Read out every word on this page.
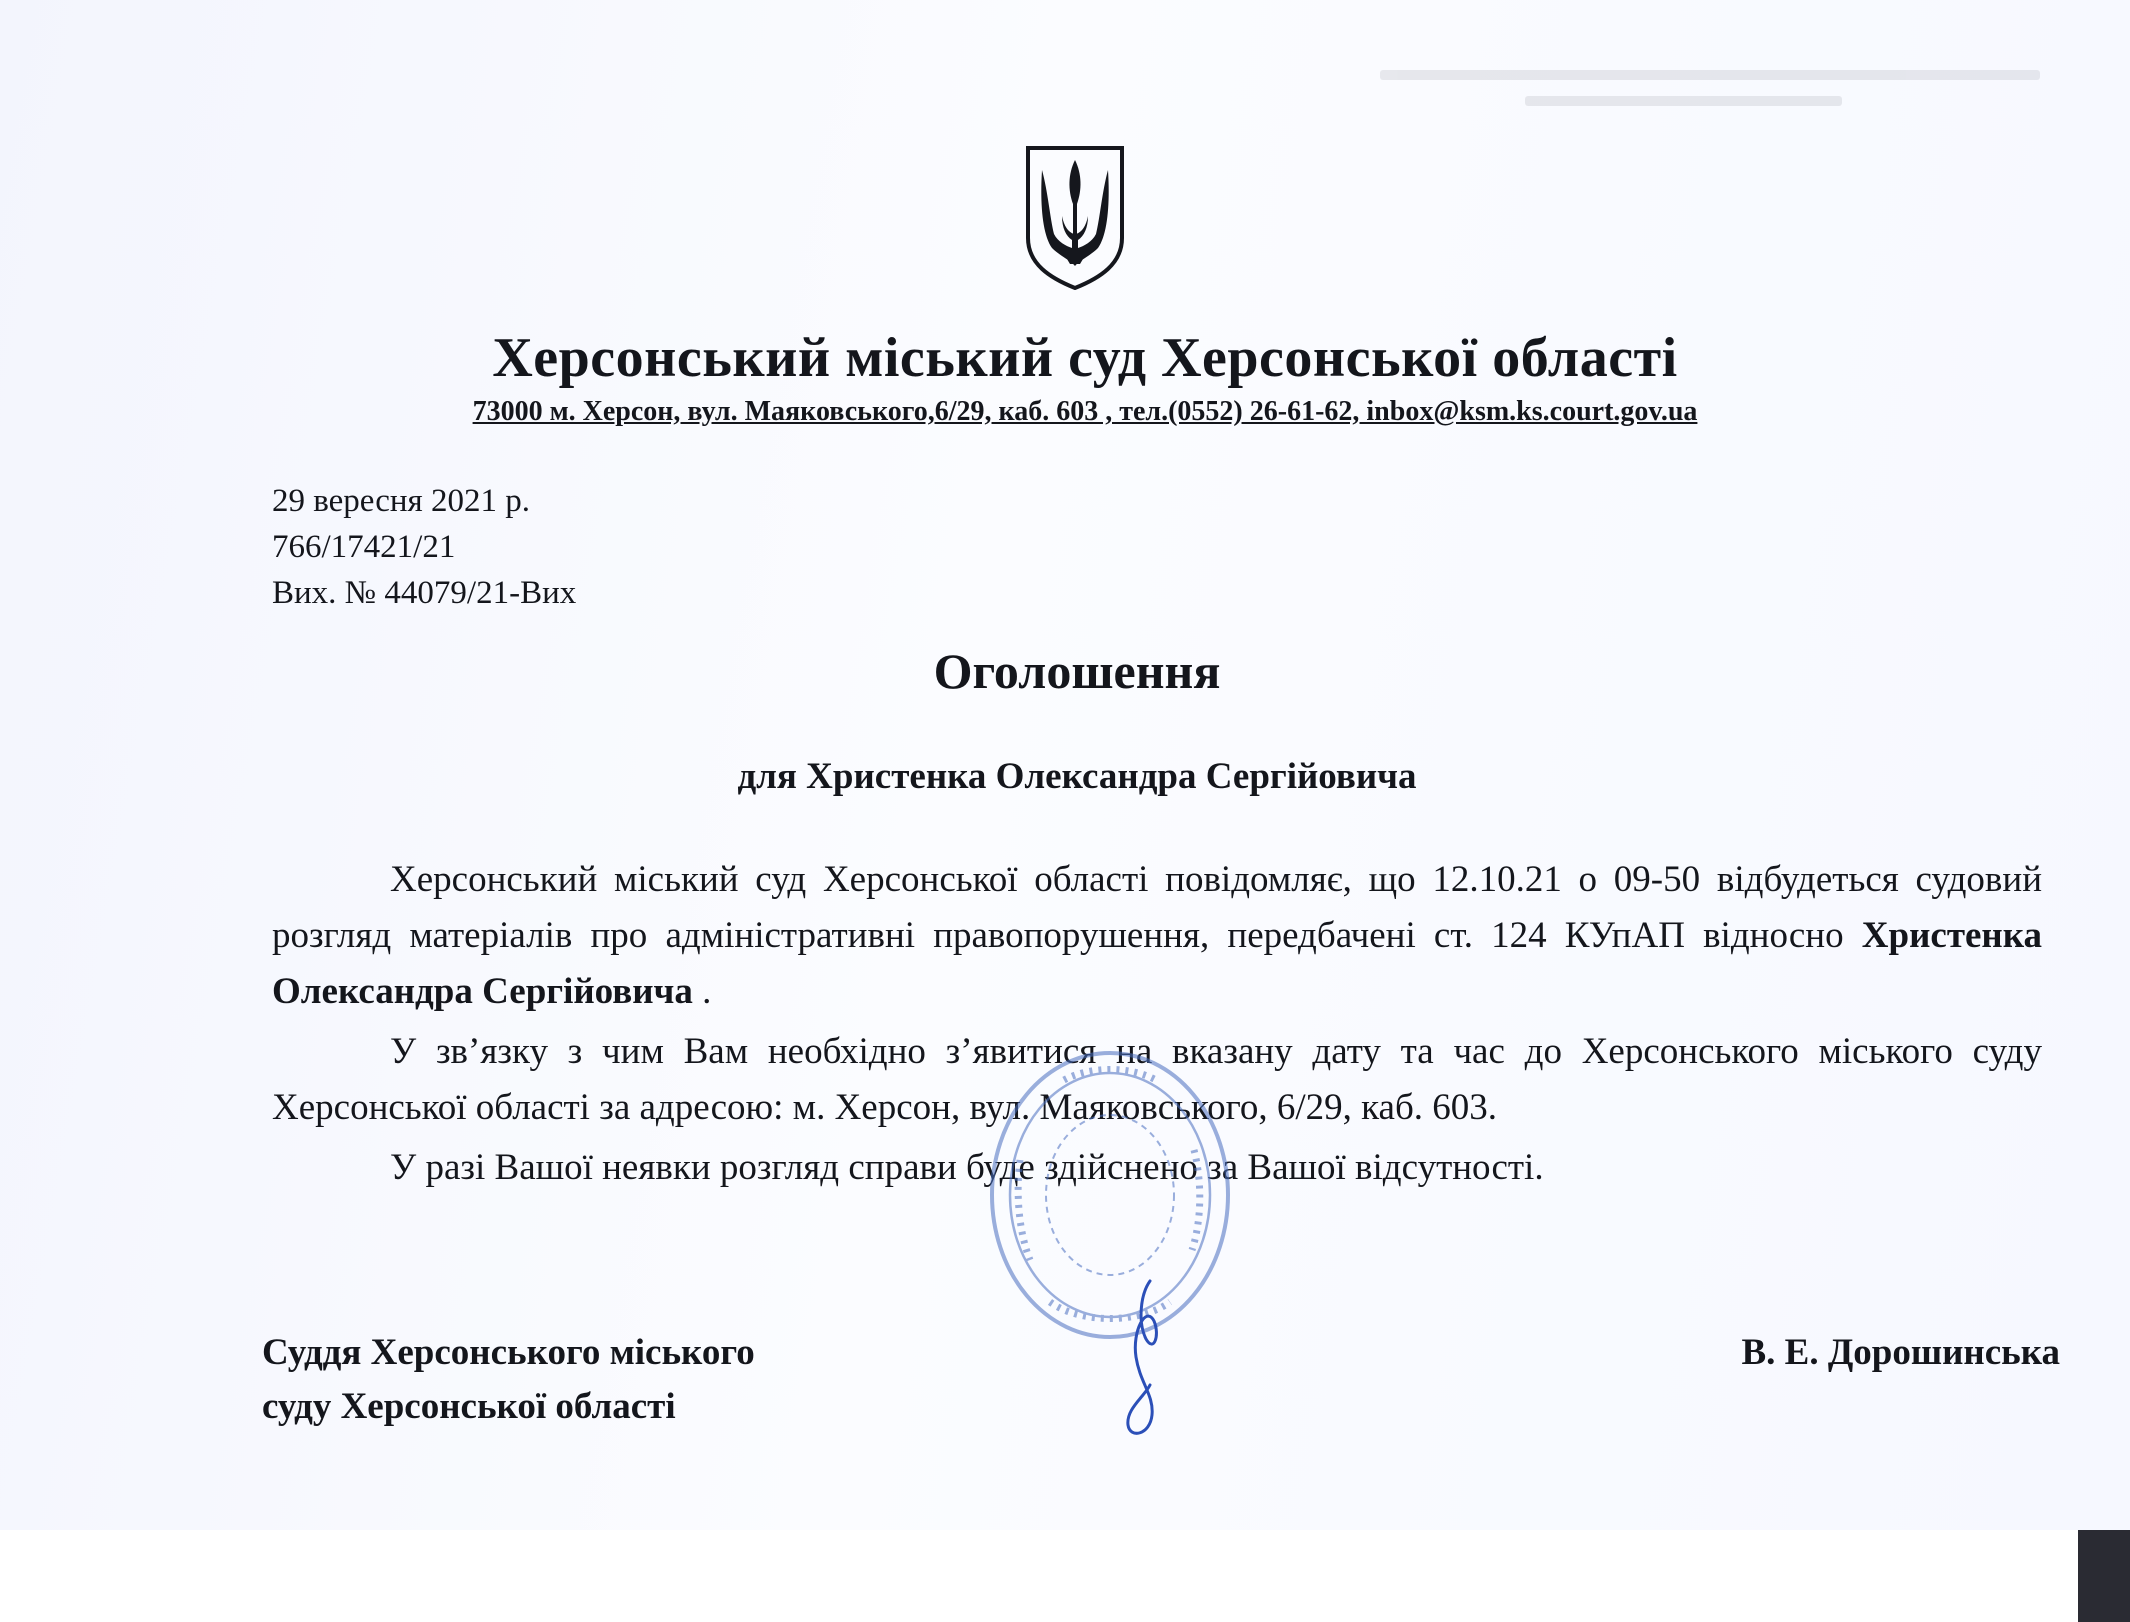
Херсонський міський суд Херсонської області
73000 м. Херсон, вул. Маяковського,6/29, каб. 603 , тел.(0552) 26-61-62, inbox@ksm.ks.court.gov.ua
29 вересня 2021 р.
766/17421/21
Вих. № 44079/21-Вих
Оголошення
для Христенка Олександра Сергійовича

Херсонський міський суд Херсонської області повідомляє, що 12.10.21 о 09-50 відбудеться судовий розгляд матеріалів про адміністративні правопорушення, передбачені ст. 124 КУпАП відносно Христенка Олександра Сергійовича .

У зв’язку з чим Вам необхідно з’явитися на вказану дату та час до Херсонського міського суду Херсонської області за адресою: м. Херсон, вул. Маяковського, 6/29, каб. 603.

У разі Вашої неявки розгляд справи буде здійснено за Вашої відсутності.

Суддя Херсонського міського
суду Херсонської області
В. Е. Дорошинська
